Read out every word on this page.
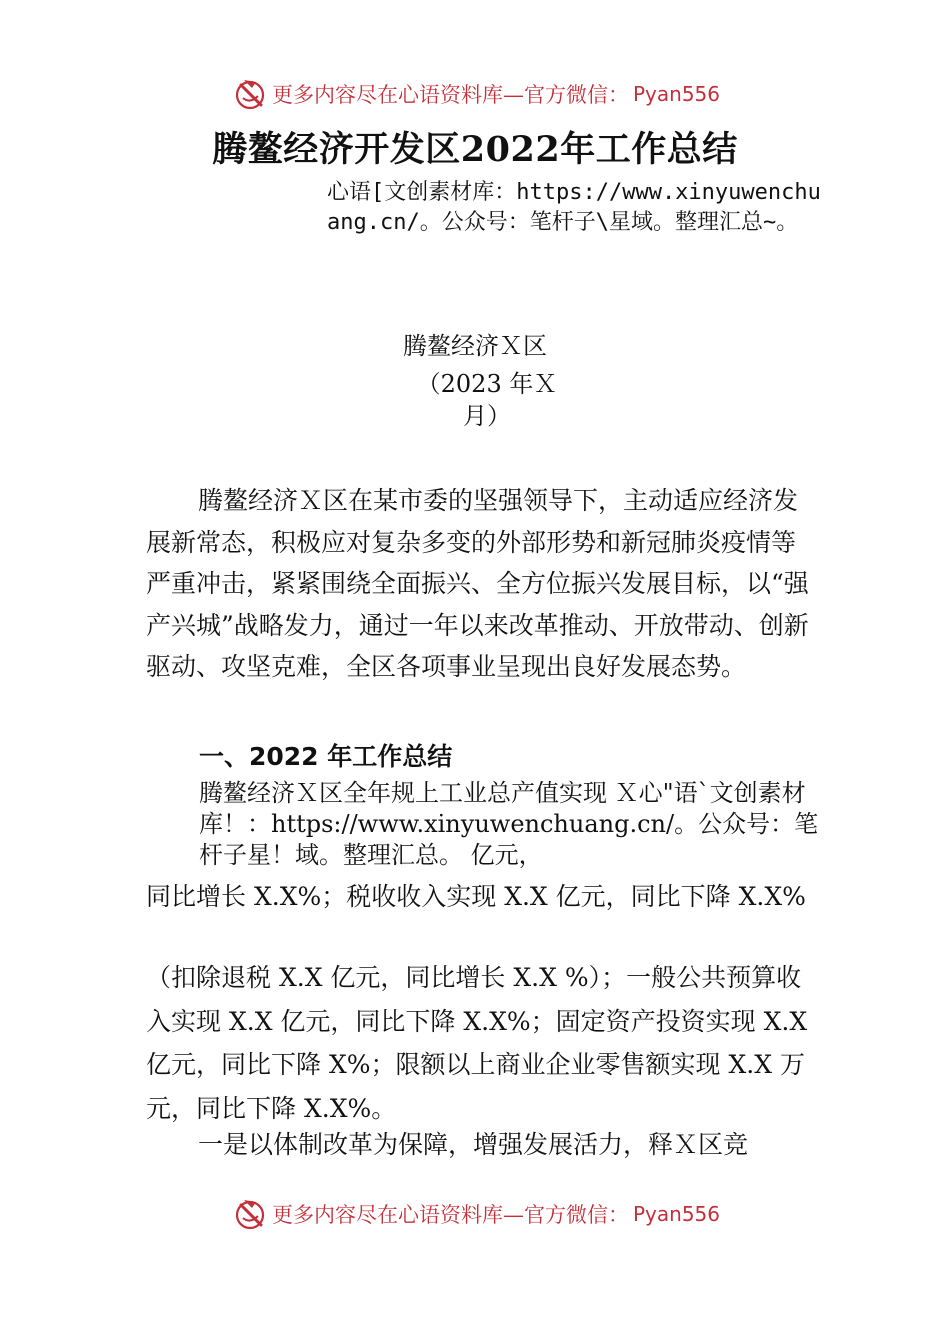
更多内容尽在心语资料库—官方微信： Pyan556
腾鳌经济开发区2022年工作总结
心语[文创素材库：https://www.xinyuwenchuang.cn/。公众号：笔杆子\星域。整理汇总~。
腾鳌经济Ｘ区
（2023 年Ｘ月）

腾鳌经济Ｘ区在某市委的坚强领导下，主动适应经济发展新常态，积极应对复杂多变的外部形势和新冠肺炎疫情等严重冲击，紧紧围绕全面振兴、全方位振兴发展目标，以“强产兴城”战略发力，通过一年以来改革推动、开放带动、创新驱动、攻坚克难，全区各项事业呈现出良好发展态势。

一、2022 年工作总结
腾鳌经济Ｘ区全年规上工业总产值实现 Ｘ心"语`文创素材库！：https://www.xinyuwenchuang.cn/。公众号：笔杆子星！域。整理汇总。 亿元，
同比增长 X.X%；税收收入实现 X.X 亿元，同比下降 X.X%

（扣除退税 X.X 亿元，同比增长 X.X %）；一般公共预算收入实现 X.X 亿元，同比下降 X.X%；固定资产投资实现 X.X 亿元，同比下降 X%；限额以上商业企业零售额实现 X.X 万元，同比下降 X.X%。

一是以体制改革为保障，增强发展活力，释Ｘ区竞

更多内容尽在心语资料库—官方微信： Pyan556
